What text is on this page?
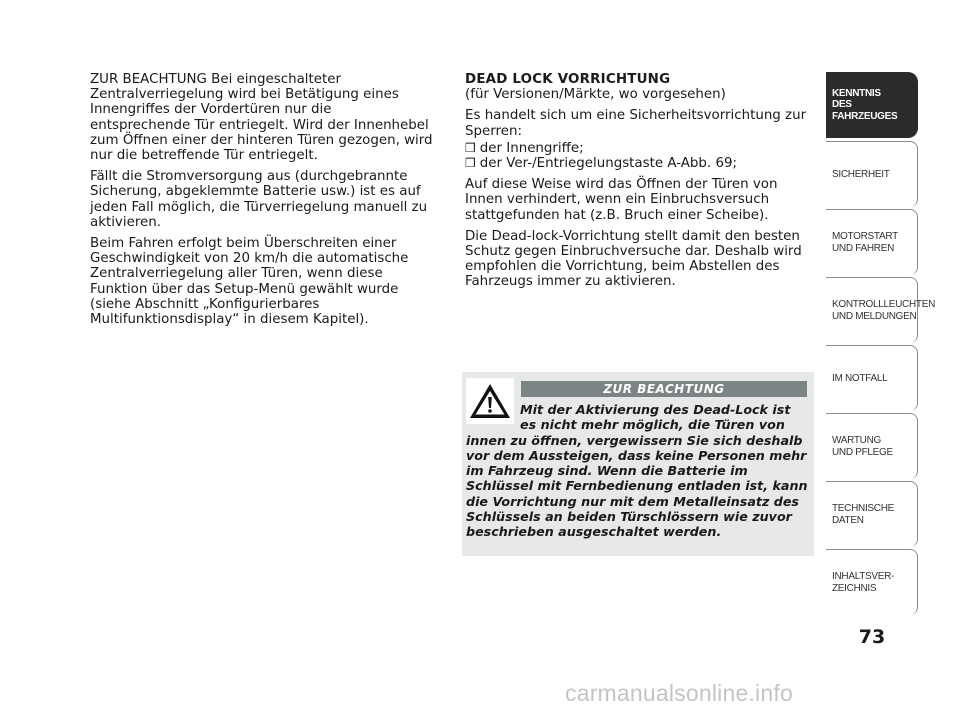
ZUR BEACHTUNG Bei eingeschalteter Zentralverriegelung wird bei Betätigung eines Innengriffes der Vordertüren nur die entsprechende Tür entriegelt. Wird der Innenhebel zum Öffnen einer der hinteren Türen gezogen, wird nur die betreffende Tür entriegelt.

Fällt die Stromversorgung aus (durchgebrannte Sicherung, abgeklemmte Batterie usw.) ist es auf jeden Fall möglich, die Türverriegelung manuell zu aktivieren.

Beim Fahren erfolgt beim Überschreiten einer Geschwindigkeit von 20 km/h die automatische Zentralverriegelung aller Türen, wenn diese Funktion über das Setup-Menü gewählt wurde (siehe Abschnitt „Konfigurierbares Multifunktionsdisplay“ in diesem Kapitel).

DEAD LOCK VORRICHTUNG

(für Versionen/Märkte, wo vorgesehen)

Es handelt sich um eine Sicherheitsvorrichtung zur Sperren:

❒ der Innengriffe;
❒ der Ver-/Entriegelungstaste A-Abb. 69;

Auf diese Weise wird das Öffnen der Türen von Innen verhindert, wenn ein Einbruchsversuch stattgefunden hat (z.B. Bruch einer Scheibe).

Die Dead-lock-Vorrichtung stellt damit den besten Schutz gegen Einbruchversuche dar. Deshalb wird empfohlen die Vorrichtung, beim Abstellen des Fahrzeugs immer zu aktivieren.

ZUR BEACHTUNG
Mit der Aktivierung des Dead-Lock ist es nicht mehr möglich, die Türen von innen zu öffnen, vergewissern Sie sich deshalb vor dem Aussteigen, dass keine Personen mehr im Fahrzeug sind. Wenn die Batterie im Schlüssel mit Fernbedienung entladen ist, kann die Vorrichtung nur mit dem Metalleinsatz des Schlüssels an beiden Türschlössern wie zuvor beschrieben ausgeschaltet werden.
KENNTNIS
DES FAHRZEUGES
SICHERHEIT
MOTORSTART
UND FAHREN
KONTROLLLEUCHTEN
UND MELDUNGEN
IM NOTFALL
WARTUNG
UND PFLEGE
TECHNISCHE
DATEN
INHALTSVER-
ZEICHNIS
73
carmanualsonline.info
